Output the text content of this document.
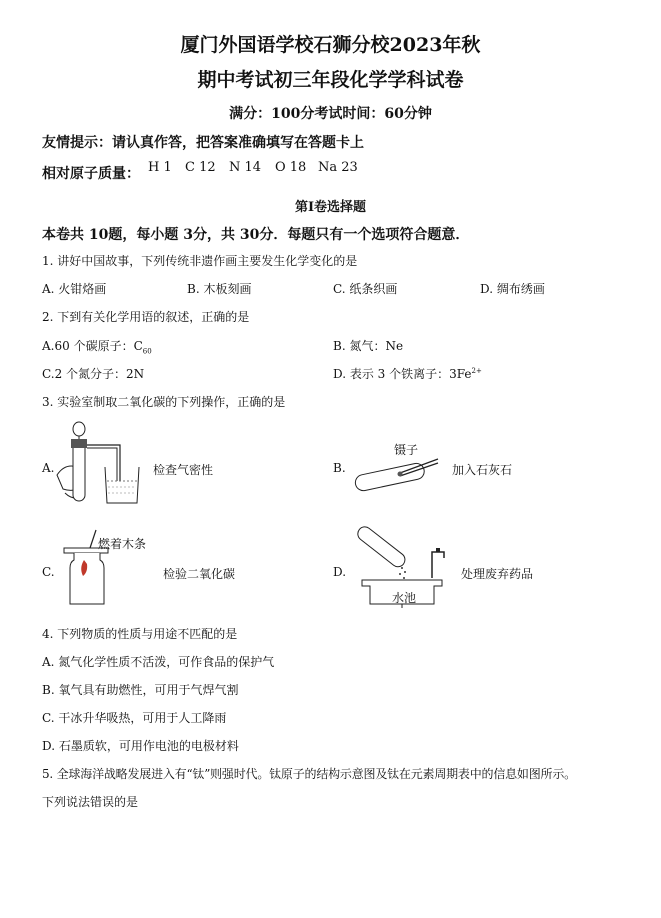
厦门外国语学校石狮分校2023年秋
期中考试初三年段化学学科试卷
满分：100分考试时间：60分钟
友情提示：请认真作答，把答案准确填写在答题卡上
相对原子质量： H 1 C 12 N 14 O 18 Na 23
第Ⅰ卷选择题
本卷共 10题，每小题 3分，共 30分．每题只有一个选项符合题意．
1. 讲好中国故事，下列传统非遗作画主要发生化学变化的是
A. 火钳烙画	B. 木板刻画	C. 纸条织画	D. 绸布绣画
2. 下到有关化学用语的叙述，正确的是
A.60 个碳原子：$C_{60}$	B. 氮气：Ne
C.2 个氮分子：2N	D. 表示 3 个铁离子：$3Fe^{2+}$
3. 实验室制取二氧化碳的下列操作，正确的是
A.	检查气密性	B.
镊子
加入石灰石
C.
燃着木条
检验二氧化碳	D.
水池
处理废弃药品
4. 下列物质的性质与用途不匹配的是
A. 氮气化学性质不活泼，可作食品的保护气
B. 氧气具有助燃性，可用于气焊气割
C. 干冰升华吸热，可用于人工降雨
D. 石墨质软，可用作电池的电极材料
5. 全球海洋战略发展进入有“钛”则强时代。钛原子的结构示意图及钛在元素周期表中的信息如图所示。
下列说法错误的是
